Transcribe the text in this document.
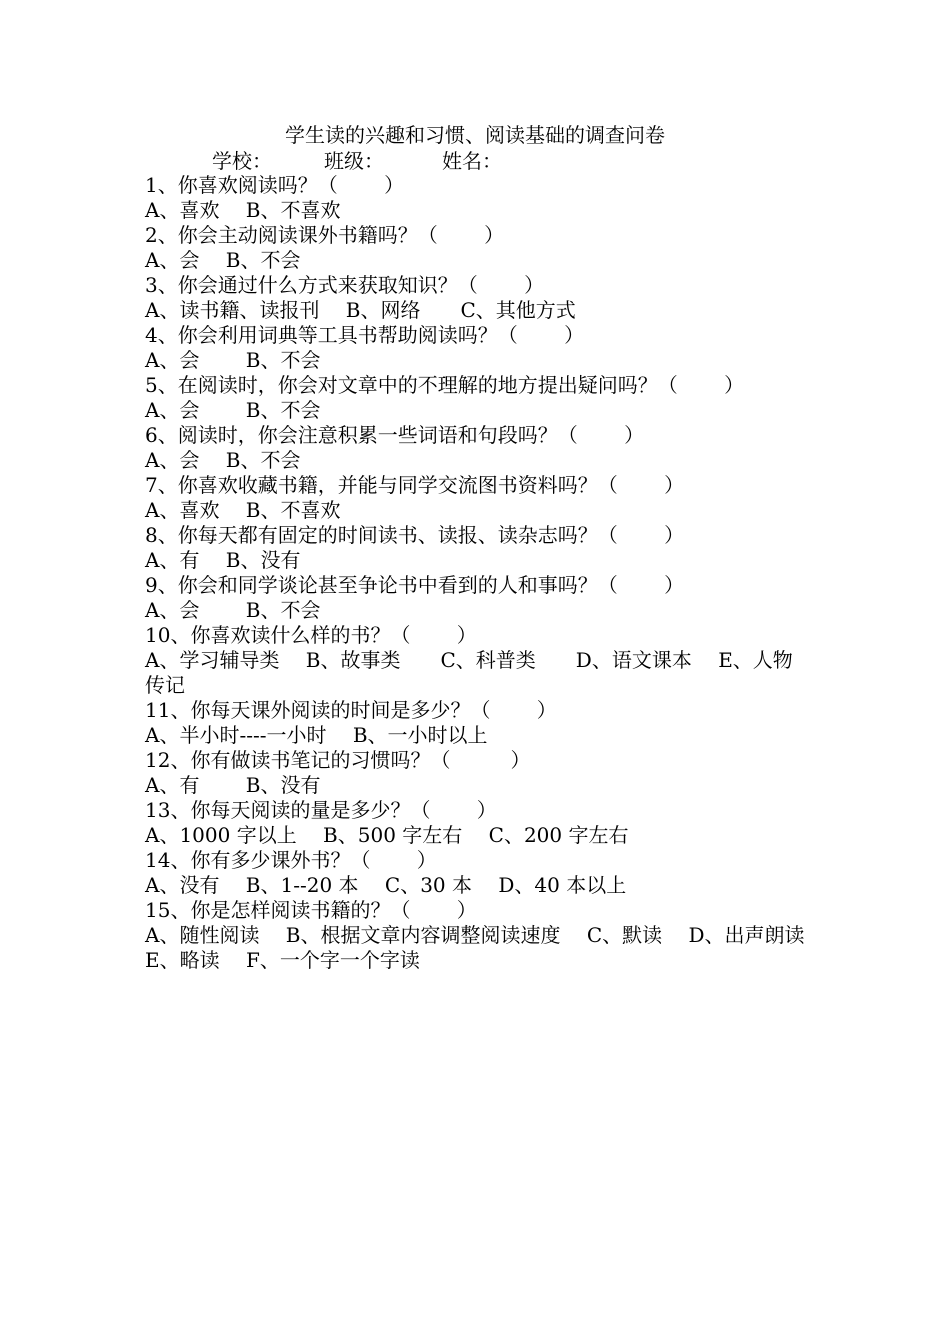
学生读的兴趣和习惯、阅读基础的调查问卷
学校：	班级：	姓名：
1、你喜欢阅读吗？（　　 ）
A、喜欢　 B、不喜欢
2、你会主动阅读课外书籍吗？（　　 ）
A、会　 B、不会
3、你会通过什么方式来获取知识？（　　 ）
A、读书籍、读报刊　 B、网络　　C、其他方式
4、你会利用词典等工具书帮助阅读吗？（　　 ）
A、会　　 B、不会
5、在阅读时，你会对文章中的不理解的地方提出疑问吗？（　　 ）
A、会　　 B、不会
6、阅读时，你会注意积累一些词语和句段吗？（　　 ）
A、会　 B、不会
7、你喜欢收藏书籍，并能与同学交流图书资料吗？（　　 ）
A、喜欢　 B、不喜欢
8、你每天都有固定的时间读书、读报、读杂志吗？（　　 ）
A、有　 B、没有
9、你会和同学谈论甚至争论书中看到的人和事吗？（　　 ）
A、会　　 B、不会
10、你喜欢读什么样的书？（　　 ）
A、学习辅导类　 B、故事类　　C、科普类　　D、语文课本　 E、人物传记
11、你每天课外阅读的时间是多少？（　　 ）
A、半小时----一小时　 B、一小时以上
12、你有做读书笔记的习惯吗？（　　　）
A、有　　 B、没有
13、你每天阅读的量是多少？（　　 ）
A、1000 字以上　 B、500 字左右　 C、200 字左右
14、你有多少课外书？（　　 ）
A、没有　 B、1--20 本　 C、30 本　 D、40 本以上
15、你是怎样阅读书籍的？（　　 ）
A、随性阅读　 B、根据文章内容调整阅读速度　 C、默读　 D、出声朗读　 E、略读　 F、一个字一个字读
